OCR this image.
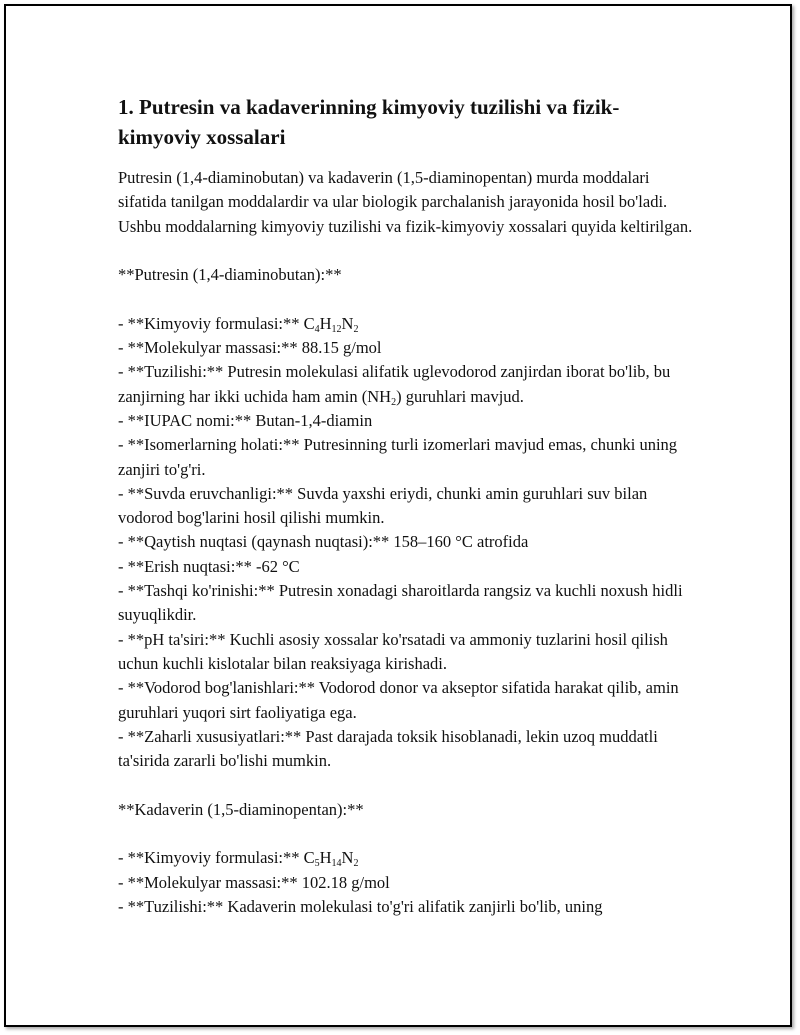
1. Putresin va kadaverinning kimyoviy tuzilishi va fizik-kimyoviy xossalari

Putresin (1,4-diaminobutan) va kadaverin (1,5-diaminopentan) murda moddalari sifatida tanilgan moddalardir va ular biologik parchalanish jarayonida hosil bo'ladi. Ushbu moddalarning kimyoviy tuzilishi va fizik-kimyoviy xossalari quyida keltirilgan.

**Putresin (1,4-diaminobutan):**

- **Kimyoviy formulasi:** $C_4H_{12}N_2$

- **Molekulyar massasi:** 88.15 g/mol

- **Tuzilishi:** Putresin molekulasi alifatik uglevodorod zanjirdan iborat bo'lib, bu zanjirning har ikki uchida ham amin $(NH_2)$ guruhlari mavjud.

- **IUPAC nomi:** Butan-1,4-diamin

- **Isomerlarning holati:** Putresinning turli izomerlari mavjud emas, chunki uning zanjiri to'g'ri.

- **Suvda eruvchanligi:** Suvda yaxshi eriydi, chunki amin guruhlari suv bilan vodorod bog'larini hosil qilishi mumkin.

- **Qaytish nuqtasi (qaynash nuqtasi):** 158–160 °C atrofida

- **Erish nuqtasi:** -62 °C

- **Tashqi ko'rinishi:** Putresin xonadagi sharoitlarda rangsiz va kuchli noxush hidli suyuqlikdir.

- **pH ta'siri:** Kuchli asosiy xossalar ko'rsatadi va ammoniy tuzlarini hosil qilish uchun kuchli kislotalar bilan reaksiyaga kirishadi.

- **Vodorod bog'lanishlari:** Vodorod donor va akseptor sifatida harakat qilib, amin guruhlari yuqori sirt faoliyatiga ega.

- **Zaharli xususiyatlari:** Past darajada toksik hisoblanadi, lekin uzoq muddatli ta'sirida zararli bo'lishi mumkin.

**Kadaverin (1,5-diaminopentan):**

- **Kimyoviy formulasi:** $C_5H_{14}N_2$

- **Molekulyar massasi:** 102.18 g/mol

- **Tuzilishi:** Kadaverin molekulasi to'g'ri alifatik zanjirli bo'lib, uning
